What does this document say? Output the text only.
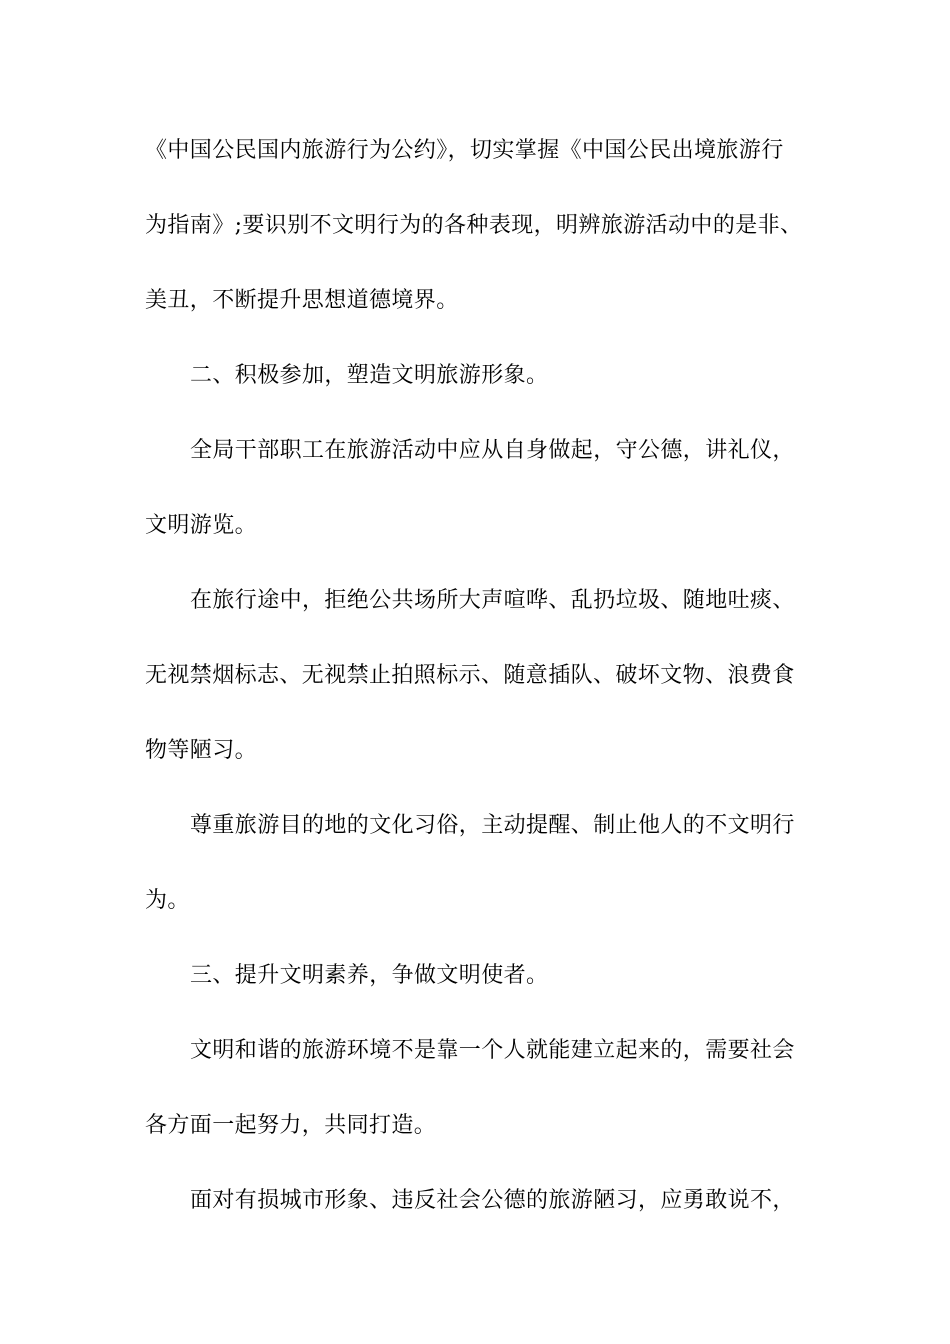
《中国公民国内旅游行为公约》，切实掌握《中国公民出境旅游行
为指南》;要识别不文明行为的各种表现，明辨旅游活动中的是非、
美丑，不断提升思想道德境界。
二、积极参加，塑造文明旅游形象。
全局干部职工在旅游活动中应从自身做起，守公德，讲礼仪，
文明游览。
在旅行途中，拒绝公共场所大声喧哗、乱扔垃圾、随地吐痰、
无视禁烟标志、无视禁止拍照标示、随意插队、破坏文物、浪费食
物等陋习。
尊重旅游目的地的文化习俗，主动提醒、制止他人的不文明行
为。
三、提升文明素养，争做文明使者。
文明和谐的旅游环境不是靠一个人就能建立起来的，需要社会
各方面一起努力，共同打造。
面对有损城市形象、违反社会公德的旅游陋习，应勇敢说不，
